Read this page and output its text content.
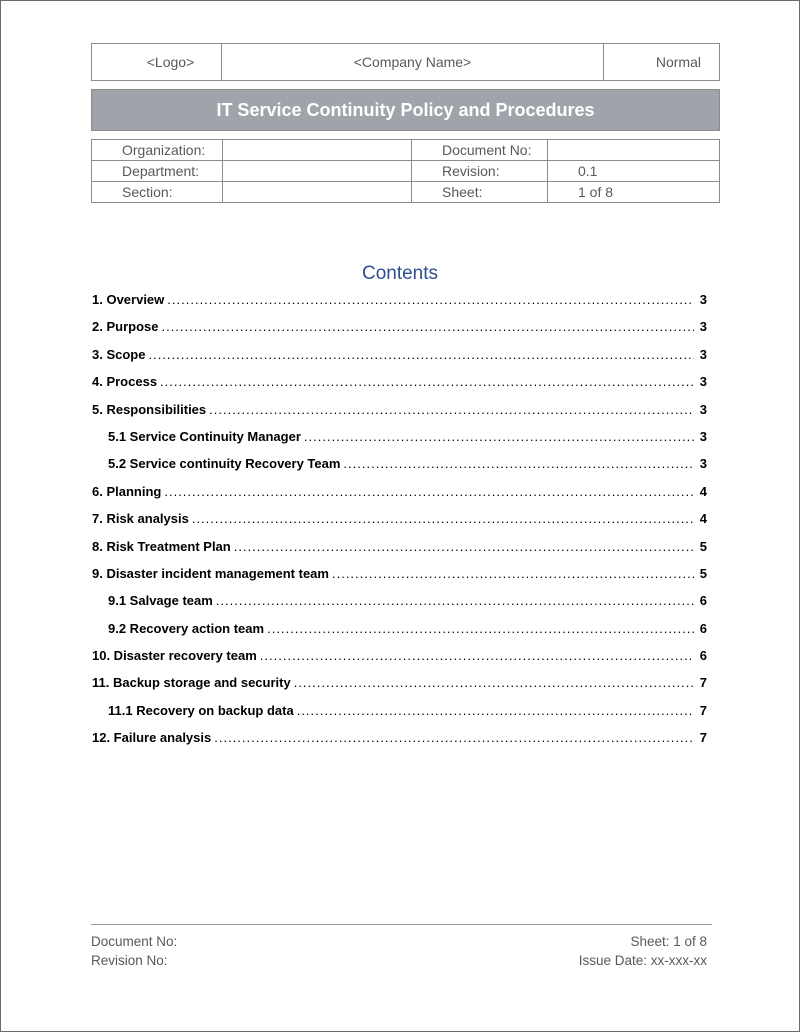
<Logo>	<Company Name>	Normal
IT Service Continuity Policy and Procedures
Organization:		Document No:	
Department:		Revision:	0.1
Section:		Sheet:	1 of 8
Contents
1. Overview .....	3
2. Purpose .....	3
3. Scope .....	3
4. Process .....	3
5. Responsibilities .....	3
5.1 Service Continuity Manager .....	3
5.2 Service continuity Recovery Team .....	3
6. Planning .....	4
7. Risk analysis .....	4
8. Risk Treatment Plan .....	5
9. Disaster incident management team .....	5
9.1 Salvage team .....	6
9.2 Recovery action team .....	6
10. Disaster recovery team .....	6
11. Backup storage and security .....	7
11.1 Recovery on backup data .....	7
12. Failure analysis .....	7
Document No:	Sheet: 1 of 8
Revision No:	Issue Date: xx-xxx-xx
